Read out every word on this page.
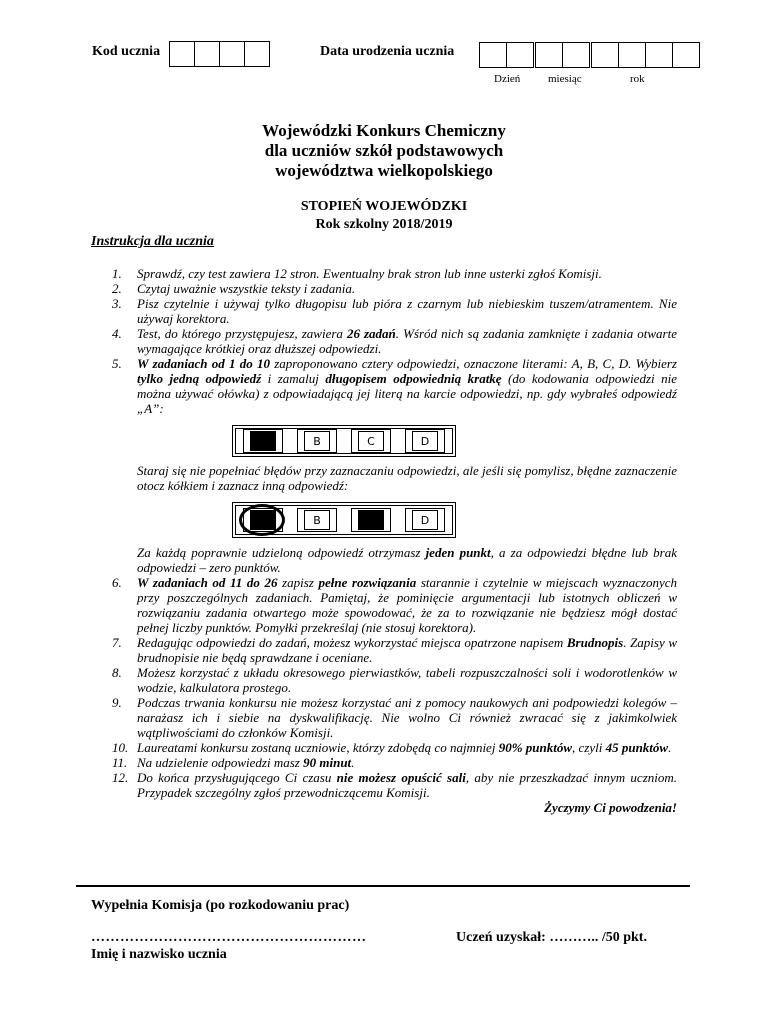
Kod ucznia	Data urodzenia ucznia
Dzień	miesiąc	rok
Wojewódzki Konkurs Chemiczny
dla uczniów szkół podstawowych
województwa wielkopolskiego
STOPIEŃ WOJEWÓDZKI
Rok szkolny 2018/2019
Instrukcja dla ucznia
1. Sprawdź, czy test zawiera 12 stron. Ewentualny brak stron lub inne usterki zgłoś Komisji.
2. Czytaj uważnie wszystkie teksty i zadania.
3. Pisz czytelnie i używaj tylko długopisu lub pióra z czarnym lub niebieskim tuszem/atramentem. Nie używaj korektora.
4. Test, do którego przystępujesz, zawiera 26 zadań. Wśród nich są zadania zamknięte i zadania otwarte wymagające krótkiej oraz dłuższej odpowiedzi.
5. W zadaniach od 1 do 10 zaproponowano cztery odpowiedzi, oznaczone literami: A, B, C, D. Wybierz tylko jedną odpowiedź i zamaluj długopisem odpowiednią kratkę (do kodowania odpowiedzi nie można używać ołówka) z odpowiadającą jej literą na karcie odpowiedzi, np. gdy wybrałeś odpowiedź „A”:
B	C	D
Staraj się nie popełniać błędów przy zaznaczaniu odpowiedzi, ale jeśli się pomylisz, błędne zaznaczenie otocz kółkiem i zaznacz inną odpowiedź:
B	D
Za każdą poprawnie udzieloną odpowiedź otrzymasz jeden punkt, a za odpowiedzi błędne lub brak odpowiedzi – zero punktów.
6. W zadaniach od 11 do 26 zapisz pełne rozwiązania starannie i czytelnie w miejscach wyznaczonych przy poszczególnych zadaniach. Pamiętaj, że pominięcie argumentacji lub istotnych obliczeń w rozwiązaniu zadania otwartego może spowodować, że za to rozwiązanie nie będziesz mógł dostać pełnej liczby punktów. Pomyłki przekreślaj (nie stosuj korektora).
7. Redagując odpowiedzi do zadań, możesz wykorzystać miejsca opatrzone napisem Brudnopis. Zapisy w brudnopisie nie będą sprawdzane i oceniane.
8. Możesz korzystać z układu okresowego pierwiastków, tabeli rozpuszczalności soli i wodorotlenków w wodzie, kalkulatora prostego.
9. Podczas trwania konkursu nie możesz korzystać ani z pomocy naukowych ani podpowiedzi kolegów – narażasz ich i siebie na dyskwalifikację. Nie wolno Ci również zwracać się z jakimkolwiek wątpliwościami do członków Komisji.
10. Laureatami konkursu zostaną uczniowie, którzy zdobędą co najmniej 90% punktów, czyli 45 punktów.
11. Na udzielenie odpowiedzi masz 90 minut.
12. Do końca przysługującego Ci czasu nie możesz opuścić sali, aby nie przeszkadzać innym uczniom. Przypadek szczególny zgłoś przewodniczącemu Komisji.
Życzymy Ci powodzenia!
Wypełnia Komisja (po rozkodowaniu prac)
…………………………………………………
Imię i nazwisko ucznia
Uczeń uzyskał: ……….. /50 pkt.
